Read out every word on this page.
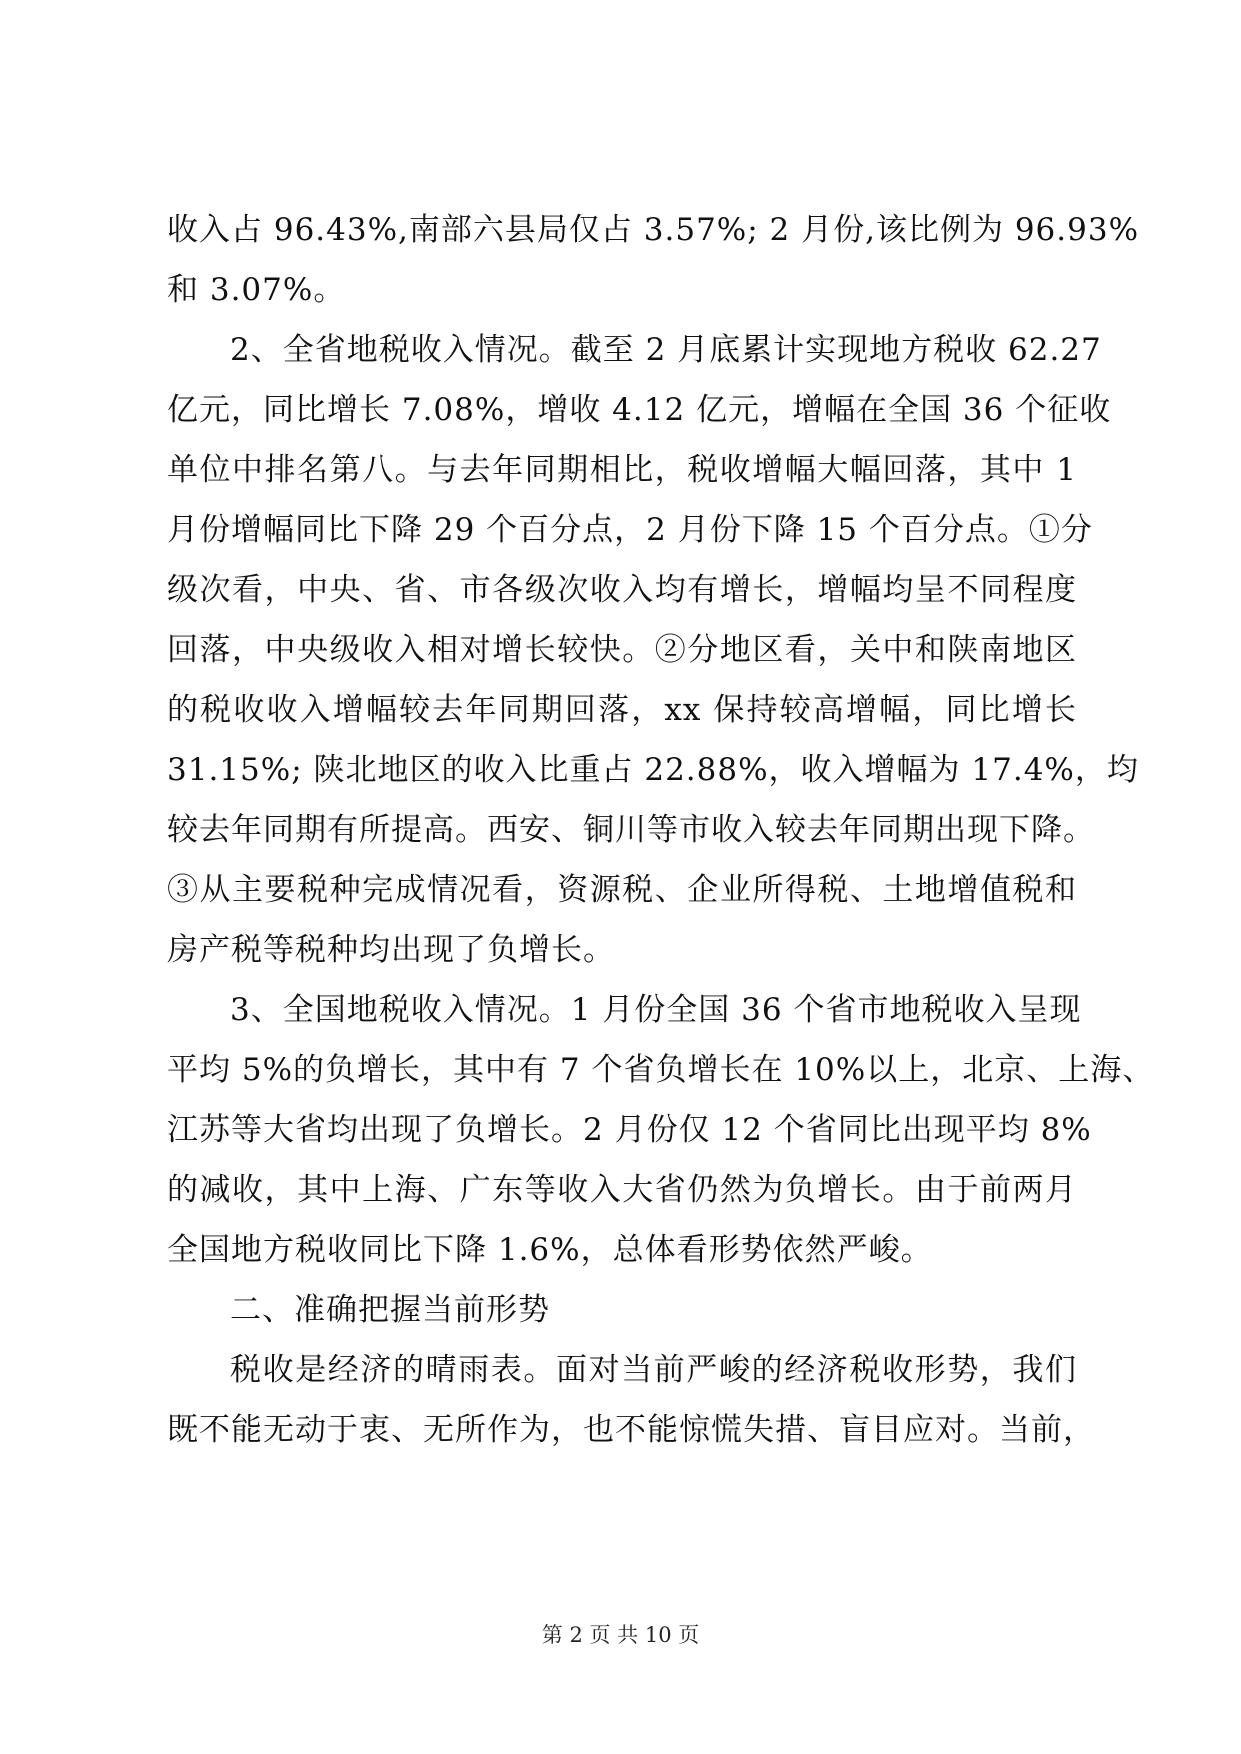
收入占 96.43%,南部六县局仅占 3.57%; 2 月份,该比例为 96.93%
和 3.07%。
2、全省地税收入情况。截至 2 月底累计实现地方税收 62.27
亿元，同比增长 7.08%，增收 4.12 亿元，增幅在全国 36 个征收
单位中排名第八。与去年同期相比，税收增幅大幅回落，其中 1
月份增幅同比下降 29 个百分点，2 月份下降 15 个百分点。①分
级次看，中央、省、市各级次收入均有增长，增幅均呈不同程度
回落，中央级收入相对增长较快。②分地区看，关中和陕南地区
的税收收入增幅较去年同期回落，xx 保持较高增幅，同比增长
31.15%; 陕北地区的收入比重占 22.88%，收入增幅为 17.4%，均
较去年同期有所提高。西安、铜川等市收入较去年同期出现下降。
③从主要税种完成情况看，资源税、企业所得税、土地增值税和
房产税等税种均出现了负增长。
3、全国地税收入情况。1 月份全国 36 个省市地税收入呈现
平均 5%的负增长，其中有 7 个省负增长在 10%以上，北京、上海、
江苏等大省均出现了负增长。2 月份仅 12 个省同比出现平均 8%
的减收，其中上海、广东等收入大省仍然为负增长。由于前两月
全国地方税收同比下降 1.6%，总体看形势依然严峻。
二、准确把握当前形势
税收是经济的晴雨表。面对当前严峻的经济税收形势，我们
既不能无动于衷、无所作为，也不能惊慌失措、盲目应对。当前，
第 2 页 共 10 页
